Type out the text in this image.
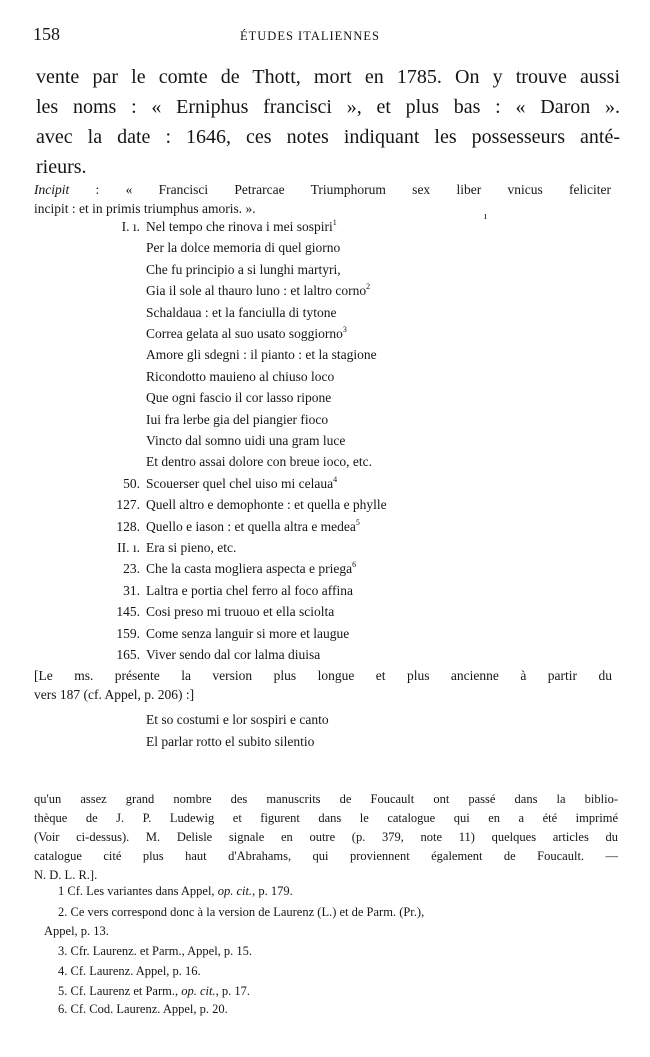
158	ÉTUDES ITALIENNES
vente par le comte de Thott, mort en 1785. On y trouve aussi
les noms : « Erniphus francisci », et plus bas : « Daron ».
avec la date : 1646, ces notes indiquant les possesseurs anté-
rieurs.
Incipit : « Francisci Petrarcae Triumphorum sex liber vnicus feliciter
incipit : et in primis triumphus amoris. ».
ı
I. ı. Nel tempo che rinova i mei sospiri$^1$
Per la dolce memoria di quel giorno
Che fu principio a si lunghi martyri,
Gia il sole al thauro luno : et laltro corno$^2$
Schaldaua : et la fanciulla di tytone
Correa gelata al suo usato soggiorno$^3$
Amore gli sdegni : il pianto : et la stagione
Ricondotto mauieno al chiuso loco
Que ogni fascio il cor lasso ripone
Iui fra lerbe gia del piangier fioco
Vincto dal somno uidi una gram luce
Et dentro assai dolore con breue ioco, etc.
50. Scouerser quel chel uiso mi celaua$^4$
127. Quell altro e demophonte : et quella e phylle
128. Quello e iason : et quella altra e medea$^5$
II. ı. Era si pieno, etc.
23. Che la casta mogliera aspecta e priega$^6$
31. Laltra e portia chel ferro al foco affina
145. Cosi preso mi truouo et ella sciolta
159. Come senza languir si more et laugue
165. Viver sendo dal cor lalma diuisa
[Le ms. présente la version plus longue et plus ancienne à partir du
vers 187 (cf. Appel, p. 206) :]
Et so costumi e lor sospiri e canto
El parlar rotto el subito silentio
qu'un assez grand nombre des manuscrits de Foucault ont passé dans la biblio-
thèque de J. P. Ludewig et figurent dans le catalogue qui en a été imprimé
(Voir ci-dessus). M. Delisle signale en outre (p. 379, note 11) quelques articles du
catalogue cité plus haut d'Abrahams, qui proviennent également de Foucault. —
N. D. L. R.].
1 Cf. Les variantes dans Appel, op. cit., p. 179.
2. Ce vers correspond donc à la version de Laurenz (L.) et de Parm. (Pr.),
Appel, p. 13.
3. Cfr. Laurenz. et Parm., Appel, p. 15.
4. Cf. Laurenz. Appel, p. 16.
5. Cf. Laurenz et Parm., op. cit., p. 17.
6. Cf. Cod. Laurenz. Appel, p. 20.
